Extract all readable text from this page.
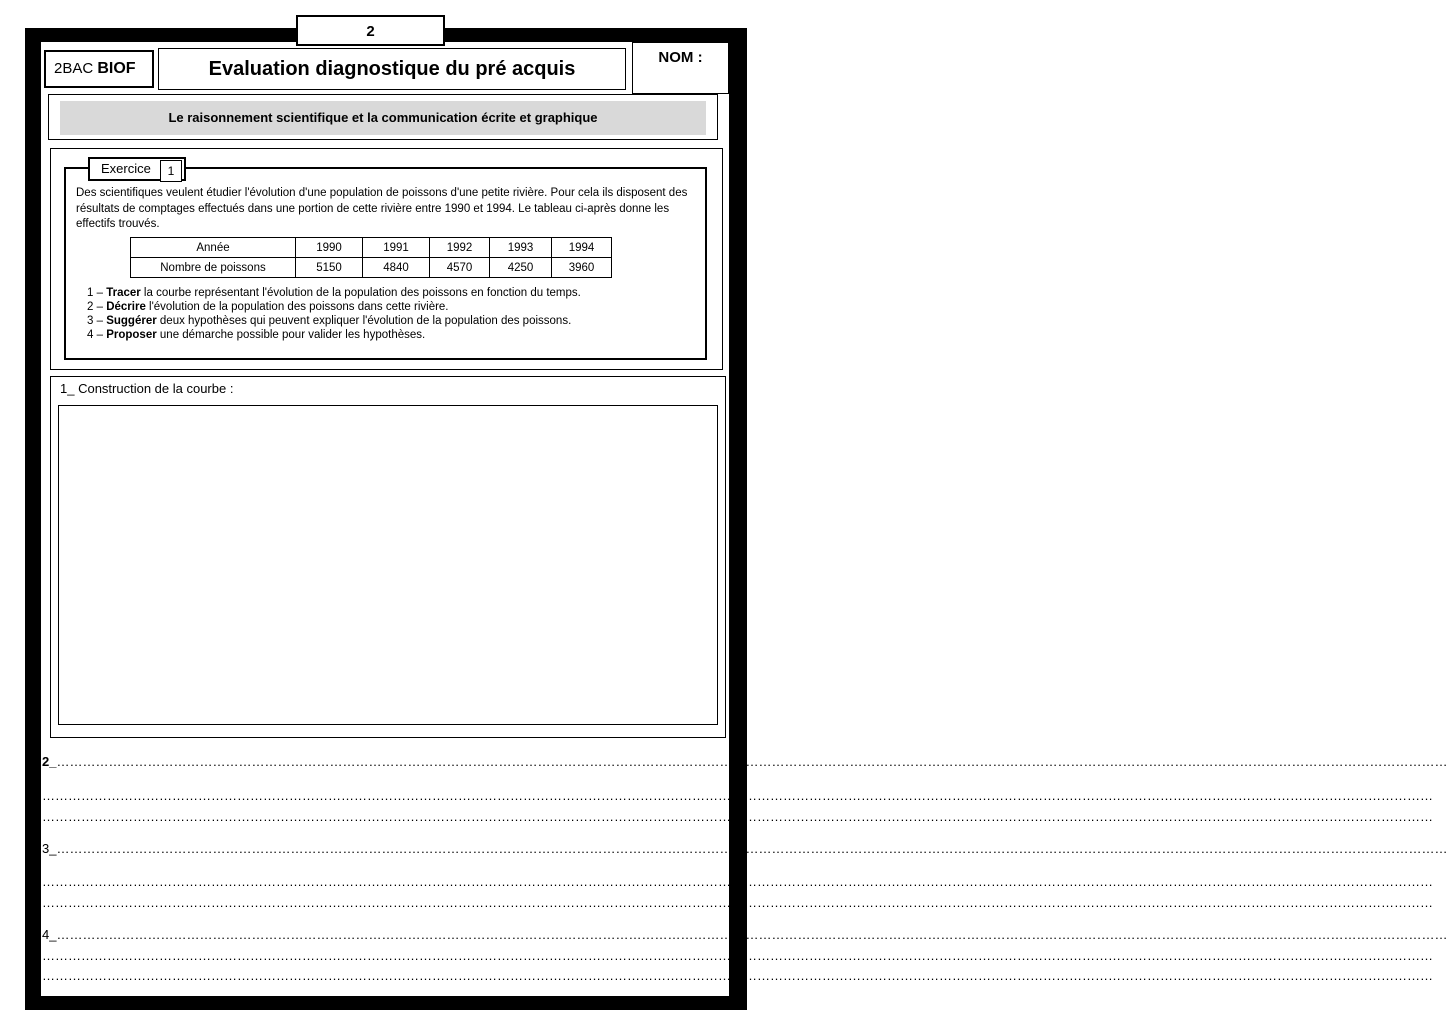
2
2BAC BIOF	Evaluation diagnostique du pré acquis
NOM :
Le raisonnement scientifique et la communication écrite et graphique
Exercice	1
Des scientifiques veulent étudier l'évolution d'une population de poissons d'une petite rivière. Pour cela ils disposent des résultats de comptages effectués dans une portion de cette rivière entre 1990 et 1994. Le tableau ci-après donne les effectifs trouvés.
Année	1990	1991	1992	1993	1994
Nombre de poissons	5150	4840	4570	4250	3960
1 – Tracer la courbe représentant l'évolution de la population des poissons en fonction du temps.
2 – Décrire l'évolution de la population des poissons dans cette rivière.
3 – Suggérer deux hypothèses qui peuvent expliquer l'évolution de la population des poissons.
4 – Proposer une démarche possible pour valider les hypothèses.
1_ Construction de la courbe :
2_……………………………………………………………………………………………………………………………………………………………………………………………………………………………………………………………………………………………
……………………………………………………………………………………………………………………………………………………………………………………………………………………………………………………………………………………………
……………………………………………………………………………………………………………………………………………………………………………………………………………………………………………………………………………………………
3_……………………………………………………………………………………………………………………………………………………………………………………………………………………………………………………………………………………………
……………………………………………………………………………………………………………………………………………………………………………………………………………………………………………………………………………………………
……………………………………………………………………………………………………………………………………………………………………………………………………………………………………………………………………………………………
4_……………………………………………………………………………………………………………………………………………………………………………………………………………………………………………………………………………………………
……………………………………………………………………………………………………………………………………………………………………………………………………………………………………………………………………………………………
……………………………………………………………………………………………………………………………………………………………………………………………………………………………………………………………………………………………
